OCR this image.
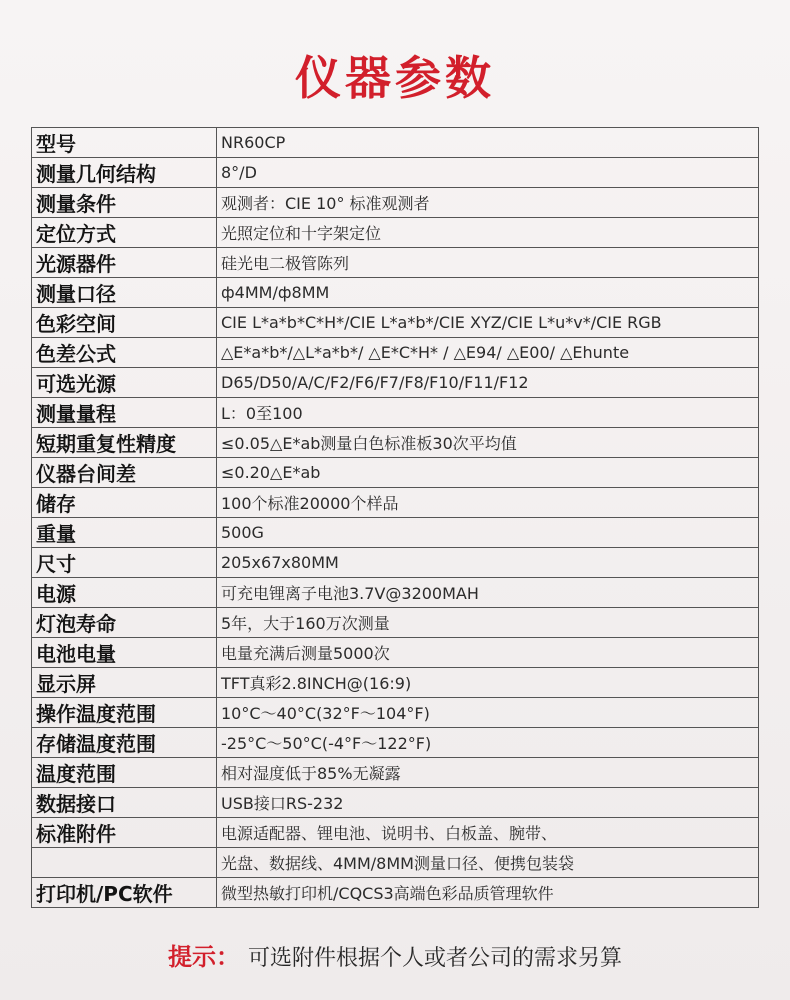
仪器参数
型号	NR60CP
测量几何结构	8°/D
测量条件	观测者：CIE 10° 标准观测者
定位方式	光照定位和十字架定位
光源器件	硅光电二极管陈列
测量口径	ф4MM/ф8MM
色彩空间	CIE L*a*b*C*H*/CIE L*a*b*/CIE XYZ/CIE L*u*v*/CIE RGB
色差公式	△E*a*b*/△L*a*b*/ △E*C*H* / △E94/ △E00/ △Ehunte
可选光源	D65/D50/A/C/F2/F6/F7/F8/F10/F11/F12
测量量程	L：0至100
短期重复性精度	≤0.05△E*ab测量白色标准板30次平均值
仪器台间差	≤0.20△E*ab
储存	100个标准20000个样品
重量	500G
尺寸	205x67x80MM
电源	可充电锂离子电池3.7V@3200MAH
灯泡寿命	5年，大于160万次测量
电池电量	电量充满后测量5000次
显示屏	TFT真彩2.8INCH@(16:9)
操作温度范围	10°C～40°C(32°F～104°F)
存储温度范围	-25°C～50°C(-4°F～122°F)
温度范围	相对湿度低于85%无凝露
数据接口	USB接口RS-232
标准附件	电源适配器、锂电池、说明书、白板盖、腕带、
	光盘、数据线、4MM/8MM测量口径、便携包装袋
打印机/PC软件	微型热敏打印机/CQCS3高端色彩品质管理软件
提示： 可选附件根据个人或者公司的需求另算
